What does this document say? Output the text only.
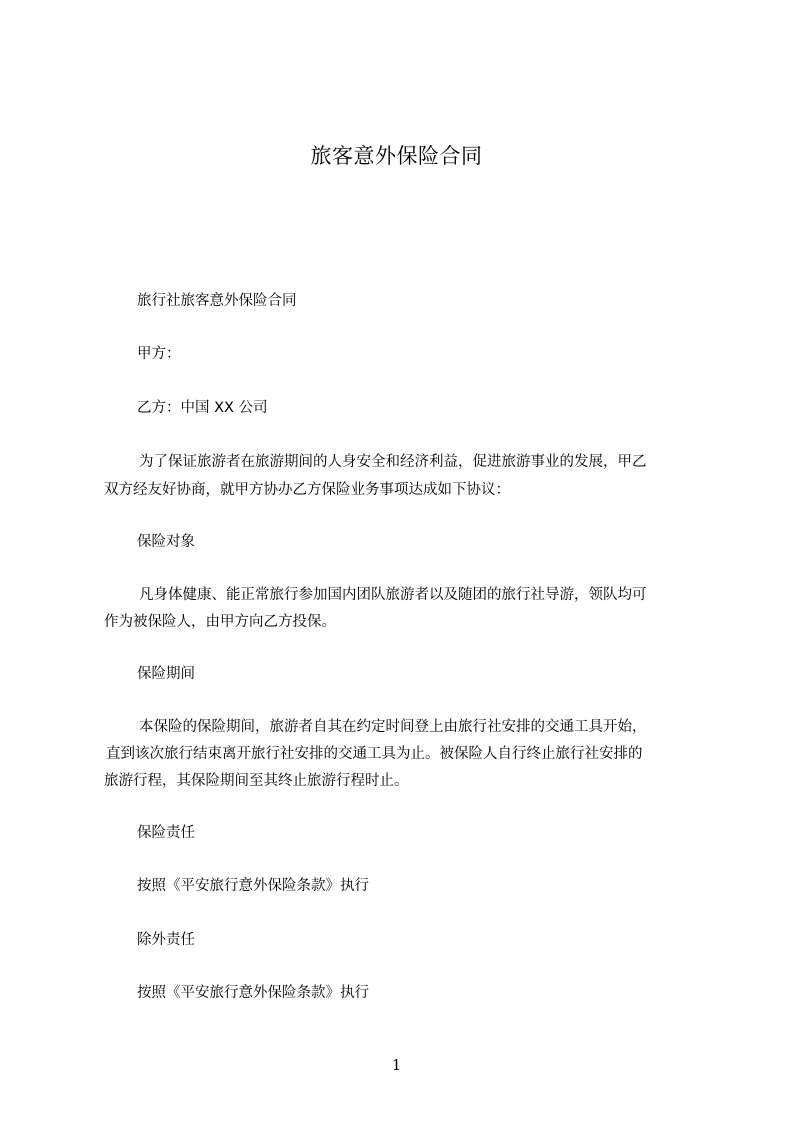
旅客意外保险合同
旅行社旅客意外保险合同
甲方：
乙方：中国 XX 公司
为了保证旅游者在旅游期间的人身安全和经济利益，促进旅游事业的发展，甲乙
双方经友好协商，就甲方协办乙方保险业务事项达成如下协议：
保险对象
凡身体健康、能正常旅行参加国内团队旅游者以及随团的旅行社导游，领队均可
作为被保险人，由甲方向乙方投保。
保险期间
本保险的保险期间，旅游者自其在约定时间登上由旅行社安排的交通工具开始，
直到该次旅行结束离开旅行社安排的交通工具为止。被保险人自行终止旅行社安排的
旅游行程，其保险期间至其终止旅游行程时止。
保险责任
按照《平安旅行意外保险条款》执行
除外责任
按照《平安旅行意外保险条款》执行
1
